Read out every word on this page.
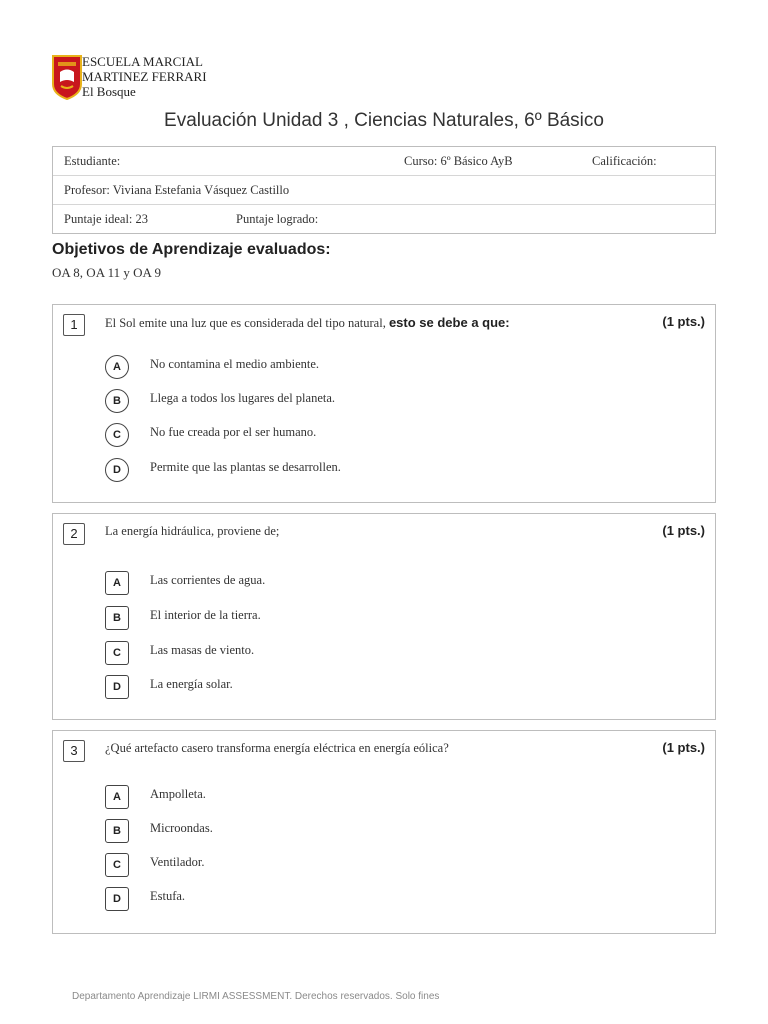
ESCUELA MARCIAL
MARTINEZ FERRARI
El Bosque
Evaluación Unidad 3 , Ciencias Naturales, 6º Básico
Estudiante:	Curso: 6º Básico AyB	Calificación:
Profesor: Viviana Estefania Vásquez Castillo
Puntaje ideal: 23	Puntaje logrado:
Objetivos de Aprendizaje evaluados:
OA 8, OA 11 y OA 9
1	El Sol emite una luz que es considerada del tipo natural, esto se debe a que:	(1 pts.)
A	No contamina el medio ambiente.
B	Llega a todos los lugares del planeta.
C	No fue creada por el ser humano.
D	Permite que las plantas se desarrollen.
2	La energía hidráulica, proviene de;	(1 pts.)
A	Las corrientes de agua.
B	El interior de la tierra.
C	Las masas de viento.
D	La energía solar.
3	¿Qué artefacto casero transforma energía eléctrica en energía eólica?	(1 pts.)
A	Ampolleta.
B	Microondas.
C	Ventilador.
D	Estufa.
Departamento Aprendizaje LIRMI ASSESSMENT. Derechos reservados. Solo fines
